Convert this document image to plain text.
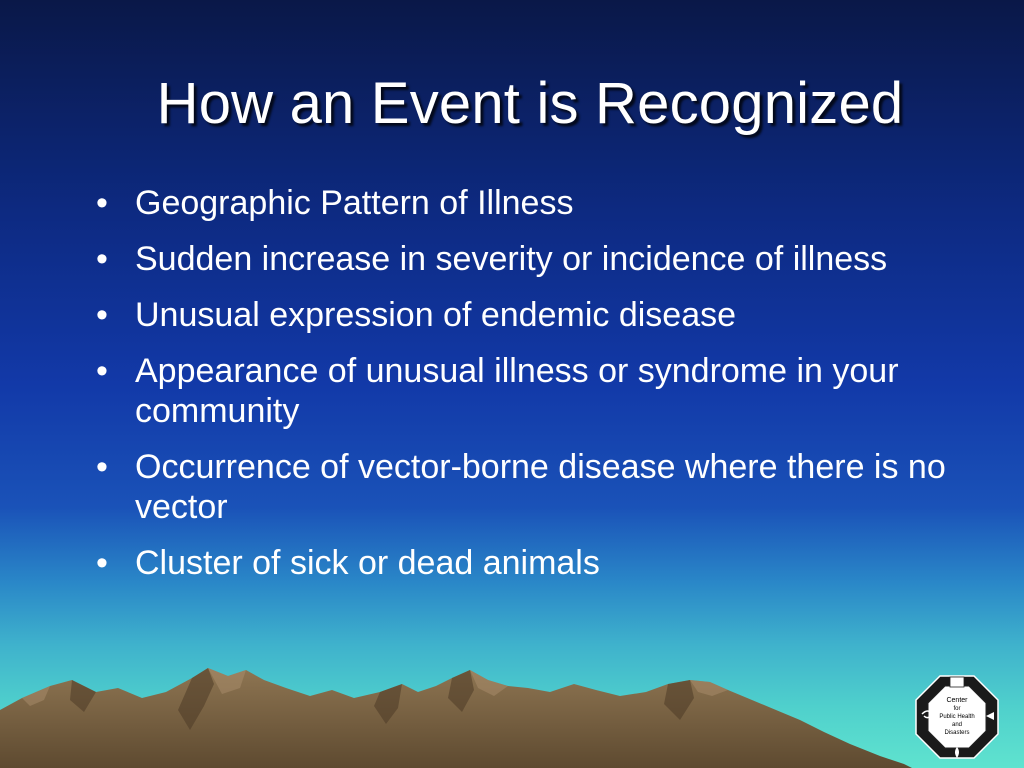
How an Event is Recognized
• Geographic Pattern of Illness
• Sudden increase in severity or incidence of illness
• Unusual expression of endemic disease
• Appearance of unusual illness or syndrome in your community
• Occurrence of vector-borne disease where there is no vector
• Cluster of sick or dead animals
Center
for
Public Health
and
Disasters
